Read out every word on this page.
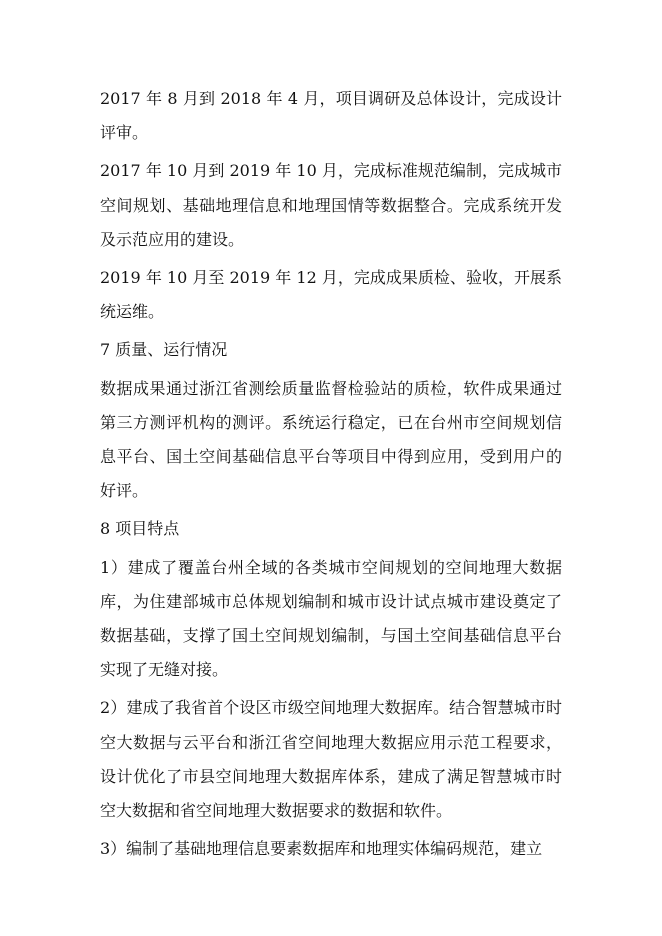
2017 年 8 月到 2018 年 4 月，项目调研及总体设计，完成设计评审。

2017 年 10 月到 2019 年 10 月，完成标准规范编制，完成城市空间规划、基础地理信息和地理国情等数据整合。完成系统开发及示范应用的建设。

2019 年 10 月至 2019 年 12 月，完成成果质检、验收，开展系统运维。

7 质量、运行情况

数据成果通过浙江省测绘质量监督检验站的质检，软件成果通过第三方测评机构的测评。系统运行稳定，已在台州市空间规划信息平台、国土空间基础信息平台等项目中得到应用，受到用户的好评。

8 项目特点

1）建成了覆盖台州全域的各类城市空间规划的空间地理大数据库，为住建部城市总体规划编制和城市设计试点城市建设奠定了数据基础，支撑了国土空间规划编制，与国土空间基础信息平台实现了无缝对接。

2）建成了我省首个设区市级空间地理大数据库。结合智慧城市时空大数据与云平台和浙江省空间地理大数据应用示范工程要求，设计优化了市县空间地理大数据库体系，建成了满足智慧城市时空大数据和省空间地理大数据要求的数据和软件。

3）编制了基础地理信息要素数据库和地理实体编码规范，建立
